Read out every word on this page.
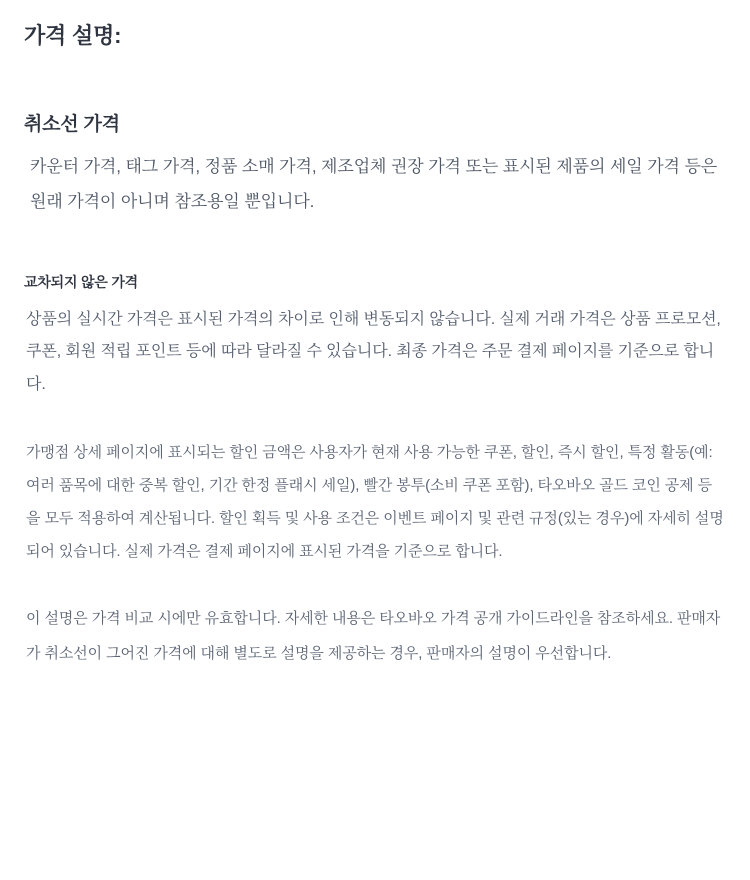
가격 설명:
취소선 가격

카운터 가격, 태그 가격, 정품 소매 가격, 제조업체 권장 가격 또는 표시된 제품의 세일 가격 등은 원래 가격이 아니며 참조용일 뿐입니다.

교차되지 않은 가격

상품의 실시간 가격은 표시된 가격의 차이로 인해 변동되지 않습니다. 실제 거래 가격은 상품 프로모션, 쿠폰, 회원 적립 포인트 등에 따라 달라질 수 있습니다. 최종 가격은 주문 결제 페이지를 기준으로 합니다.

가맹점 상세 페이지에 표시되는 할인 금액은 사용자가 현재 사용 가능한 쿠폰, 할인, 즉시 할인, 특정 활동(예: 여러 품목에 대한 중복 할인, 기간 한정 플래시 세일), 빨간 봉투(소비 쿠폰 포함), 타오바오 골드 코인 공제 등을 모두 적용하여 계산됩니다. 할인 획득 및 사용 조건은 이벤트 페이지 및 관련 규정(있는 경우)에 자세히 설명되어 있습니다. 실제 가격은 결제 페이지에 표시된 가격을 기준으로 합니다.

이 설명은 가격 비교 시에만 유효합니다. 자세한 내용은 타오바오 가격 공개 가이드라인을 참조하세요. 판매자가 취소선이 그어진 가격에 대해 별도로 설명을 제공하는 경우, 판매자의 설명이 우선합니다.
